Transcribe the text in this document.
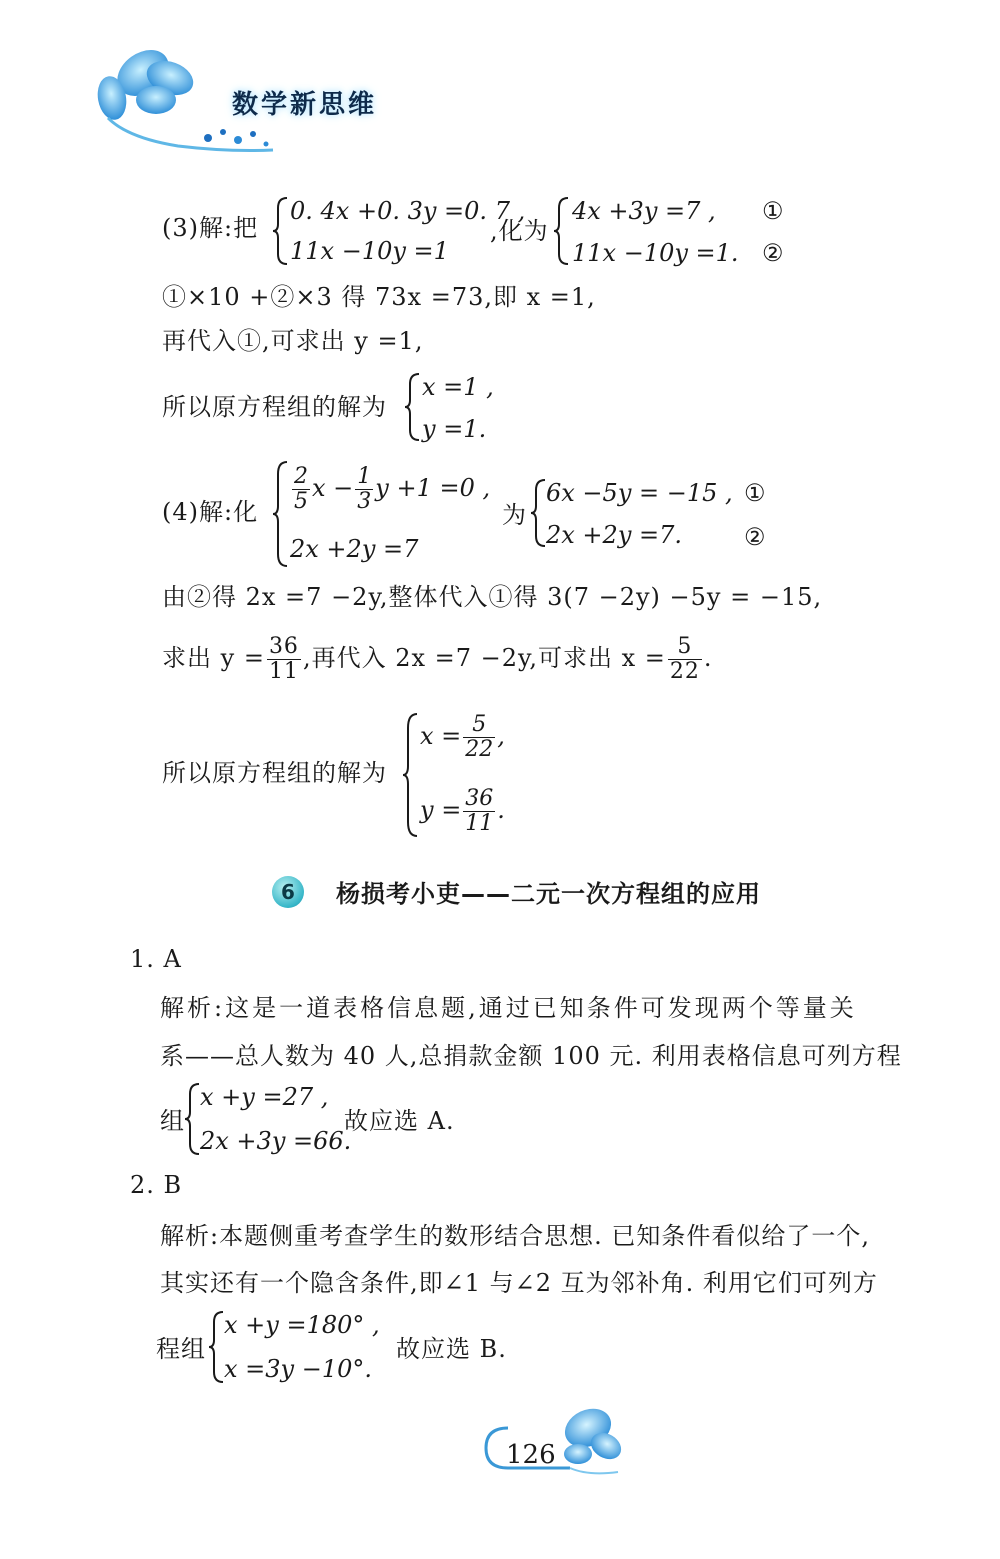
数学新思维
(3)解:把
0. 4x +0. 3y =0. 7 ,
11x −10y =1
,化为
4x +3y =7 ,
11x −10y =1.
①
②
①×10 +②×3 得 73x =73,即 x =1,
再代入①,可求出 y =1,
所以原方程组的解为
x =1 ,
y =1.
(4)解:化 $\frac{2}{5}$ $x - \frac{1}{3}$ y +1 =0 ,
2x +2y =7
为
6x −5y = −15 ,
2x +2y =7.
①
②
由②得 2x =7 −2y,整体代入①得 3(7 −2y) −5y = −15,
求出 $y = \frac{36}{11}$ ,再代入 2x =7 −2y,可求出 $x = \frac{5}{22}$ .
所以原方程组的解为
$x = \frac{5}{22}$ ,
$y = \frac{36}{11}$ .
6	杨损考小吏——二元一次方程组的应用
1. A
解析:这是一道表格信息题,通过已知条件可发现两个等量关
系——总人数为 40 人,总捐款金额 100 元. 利用表格信息可列方程
组
x +y =27 ,
2x +3y =66.
故应选 A.
2. B
解析:本题侧重考查学生的数形结合思想. 已知条件看似给了一个,
其实还有一个隐含条件,即∠1 与∠2 互为邻补角. 利用它们可列方
程组
x +y =180° ,
x =3y −10°.
故应选 B.
126
